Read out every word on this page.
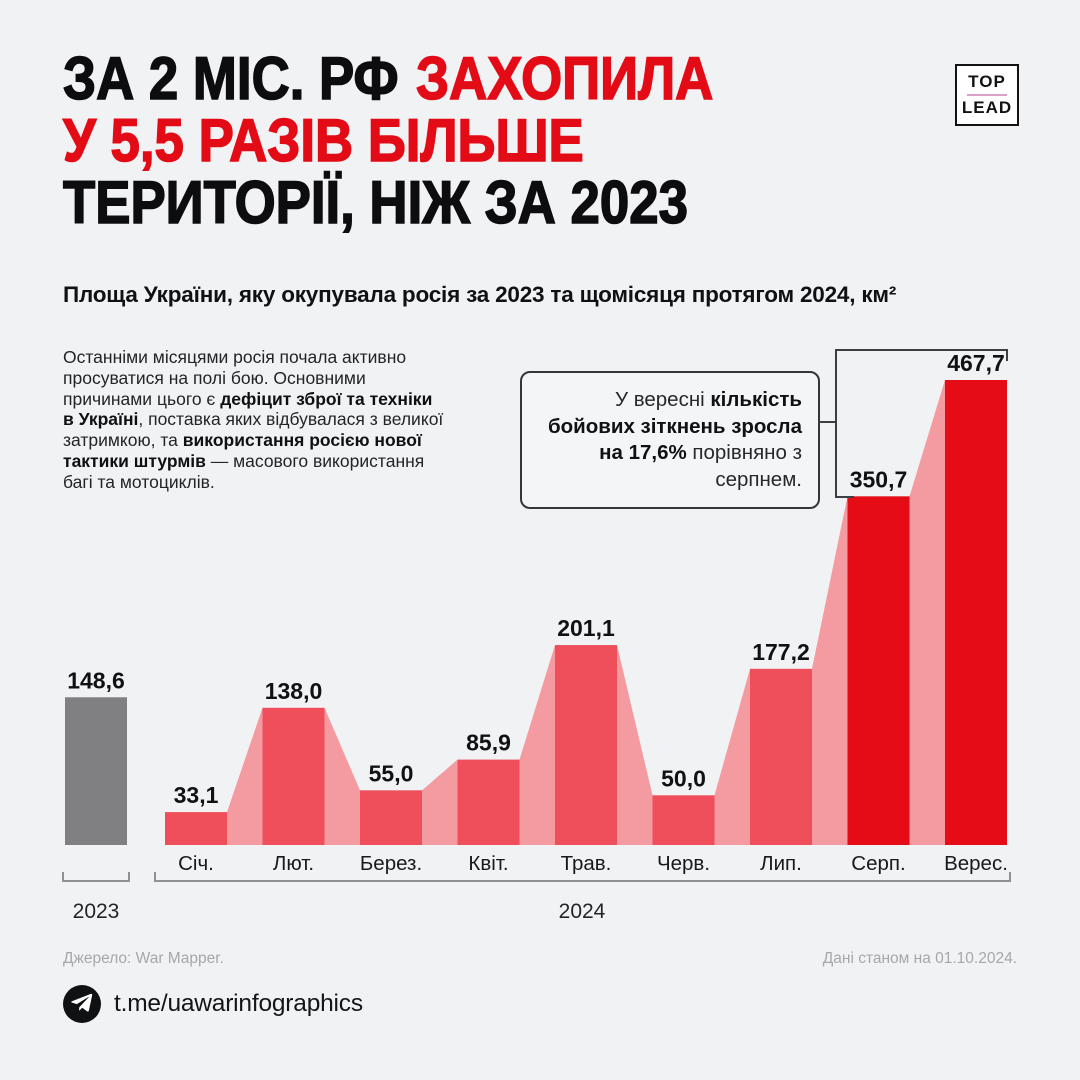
ЗА 2 МІС. РФ ЗАХОПИЛА
У 5,5 РАЗІВ БІЛЬШЕ
ТЕРИТОРІЇ, НІЖ ЗА 2023
TOP
LEAD
Площа України, яку окупувала росія за 2023 та щомісяця протягом 2024, км²
Останніми місяцями росія почала активно просуватися на полі бою. Основними причинами цього є дефіцит зброї та техніки в Україні, поставка яких відбувалася з великої затримкою, та використання росією нової тактики штурмів — масового використання багі та мотоциклів.
У вересні кількість бойових зіткнень зросла на 17,6% порівняно з серпнем.
148,6
33,1
Січ.
138,0
Лют.
55,0
Берез.
85,9
Квіт.
201,1
Трав.
50,0
Черв.
177,2
Лип.
350,7
Серп.
467,7
Верес.
2023	2024
Джерело: War Mapper.	Дані станом на 01.10.2024.
t.me/uawarinfographics
